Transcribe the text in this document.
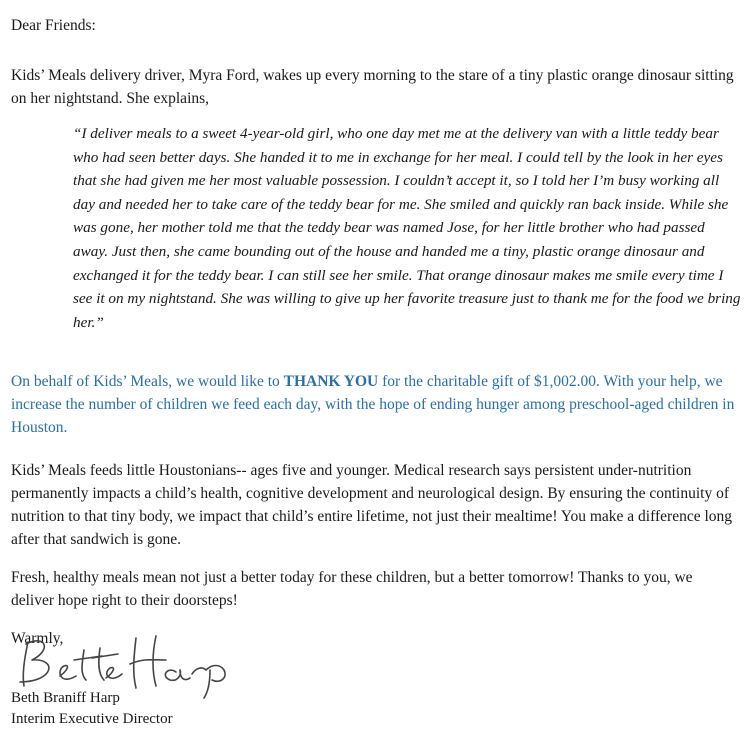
Dear Friends:

Kids’ Meals delivery driver, Myra Ford, wakes up every morning to the stare of a tiny plastic orange dinosaur sitting on her nightstand. She explains,

“I deliver meals to a sweet 4-year-old girl, who one day met me at the delivery van with a little teddy bear who had seen better days. She handed it to me in exchange for her meal. I could tell by the look in her eyes that she had given me her most valuable possession. I couldn’t accept it, so I told her I’m busy working all day and needed her to take care of the teddy bear for me. She smiled and quickly ran back inside. While she was gone, her mother told me that the teddy bear was named Jose, for her little brother who had passed away. Just then, she came bounding out of the house and handed me a tiny, plastic orange dinosaur and exchanged it for the teddy bear. I can still see her smile. That orange dinosaur makes me smile every time I see it on my nightstand. She was willing to give up her favorite treasure just to thank me for the food we bring her.”

On behalf of Kids’ Meals, we would like to THANK YOU for the charitable gift of $1,002.00. With your help, we increase the number of children we feed each day, with the hope of ending hunger among preschool-aged children in Houston.

Kids’ Meals feeds little Houstonians-- ages five and younger. Medical research says persistent under-nutrition permanently impacts a child’s health, cognitive development and neurological design. By ensuring the continuity of nutrition to that tiny body, we impact that child’s entire lifetime, not just their mealtime! You make a difference long after that sandwich is gone.

Fresh, healthy meals mean not just a better today for these children, but a better tomorrow! Thanks to you, we deliver hope right to their doorsteps!

Warmly,

Beth Braniff Harp

Interim Executive Director
